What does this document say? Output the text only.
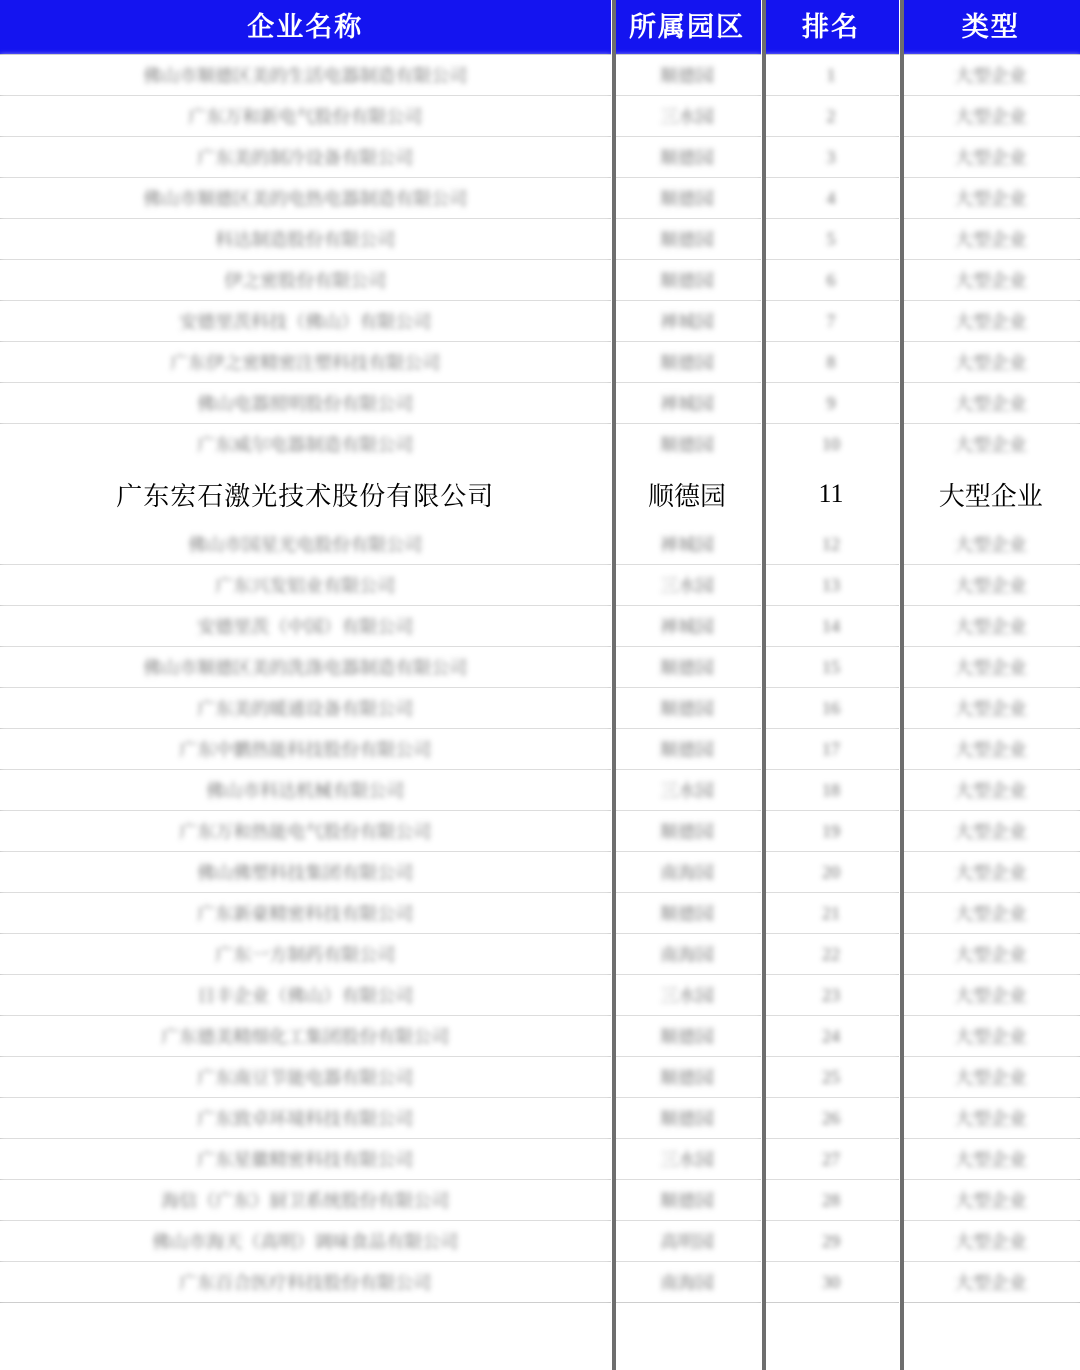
企业名称	所属园区	排名	类型
佛山市顺德区美的生活电器制造有限公司	顺德园	1	大型企业
广东万和新电气股份有限公司	三水园	2	大型企业
广东美的制冷设备有限公司	顺德园	3	大型企业
佛山市顺德区美的电热电器制造有限公司	顺德园	4	大型企业
科达制造股份有限公司	顺德园	5	大型企业
伊之密股份有限公司	顺德园	6	大型企业
安德里茨科技（佛山）有限公司	禅城园	7	大型企业
广东伊之密精密注塑科技有限公司	顺德园	8	大型企业
佛山电器照明股份有限公司	禅城园	9	大型企业
广东威尔电器制造有限公司	顺德园	10	大型企业
广东宏石激光技术股份有限公司	顺德园	11	大型企业
佛山市国星光电股份有限公司	禅城园	12	大型企业
广东兴发铝业有限公司	三水园	13	大型企业
安德里茨（中国）有限公司	禅城园	14	大型企业
佛山市顺德区美的洗涤电器制造有限公司	顺德园	15	大型企业
广东美的暖通设备有限公司	顺德园	16	大型企业
广东中鹏热能科技股份有限公司	顺德园	17	大型企业
佛山市科达机械有限公司	三水园	18	大型企业
广东万和热能电气股份有限公司	顺德园	19	大型企业
佛山佛塑科技集团有限公司	南海园	20	大型企业
广东新豪精密科技有限公司	顺德园	21	大型企业
广东一方制药有限公司	南海园	22	大型企业
日丰企业（佛山）有限公司	三水园	23	大型企业
广东德美精细化工集团股份有限公司	顺德园	24	大型企业
广东南豆节能电器有限公司	顺德园	25	大型企业
广东致卓环境科技有限公司	顺德园	26	大型企业
广东星徽精密科技有限公司	三水园	27	大型企业
海信（广东）厨卫系统股份有限公司	顺德园	28	大型企业
佛山市海天（高明）调味食品有限公司	高明园	29	大型企业
广东百合医疗科技股份有限公司	南海园	30	大型企业
